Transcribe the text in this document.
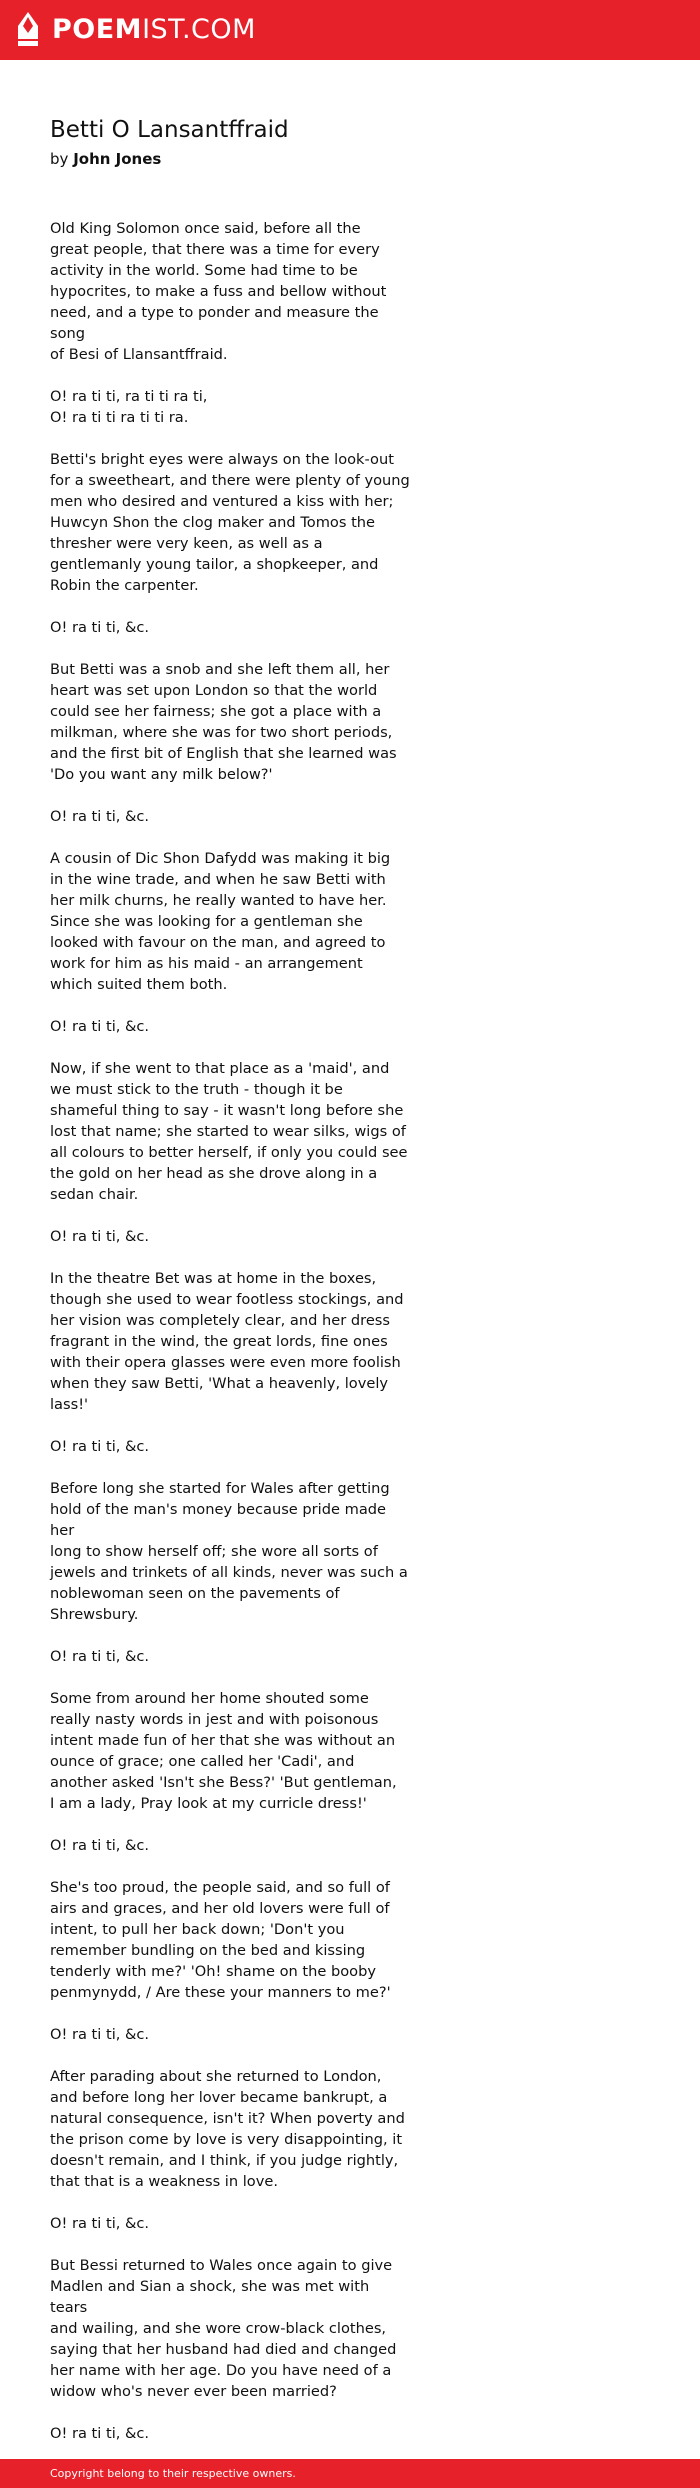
POEMIST.COM
Betti O Lansantffraid
by John Jones

Old King Solomon once said, before all the
great people, that there was a time for every
activity in the world. Some had time to be
hypocrites, to make a fuss and bellow without
need, and a type to ponder and measure the song
of Besi of Llansantffraid.

O! ra ti ti, ra ti ti ra ti,
O! ra ti ti ra ti ti ra.

Betti's bright eyes were always on the look-out
for a sweetheart, and there were plenty of young
men who desired and ventured a kiss with her;
Huwcyn Shon the clog maker and Tomos the
thresher were very keen, as well as a
gentlemanly young tailor, a shopkeeper, and
Robin the carpenter.

O! ra ti ti, &c.

But Betti was a snob and she left them all, her
heart was set upon London so that the world
could see her fairness; she got a place with a
milkman, where she was for two short periods,
and the first bit of English that she learned was
'Do you want any milk below?'

O! ra ti ti, &c.

A cousin of Dic Shon Dafydd was making it big
in the wine trade, and when he saw Betti with
her milk churns, he really wanted to have her.
Since she was looking for a gentleman she
looked with favour on the man, and agreed to
work for him as his maid - an arrangement
which suited them both.

O! ra ti ti, &c.

Now, if she went to that place as a 'maid', and
we must stick to the truth - though it be
shameful thing to say - it wasn't long before she
lost that name; she started to wear silks, wigs of
all colours to better herself, if only you could see
the gold on her head as she drove along in a
sedan chair.

O! ra ti ti, &c.

In the theatre Bet was at home in the boxes,
though she used to wear footless stockings, and
her vision was completely clear, and her dress
fragrant in the wind, the great lords, fine ones
with their opera glasses were even more foolish
when they saw Betti, 'What a heavenly, lovely
lass!'

O! ra ti ti, &c.

Before long she started for Wales after getting
hold of the man's money because pride made her
long to show herself off; she wore all sorts of
jewels and trinkets of all kinds, never was such a
noblewoman seen on the pavements of
Shrewsbury.

O! ra ti ti, &c.

Some from around her home shouted some
really nasty words in jest and with poisonous
intent made fun of her that she was without an
ounce of grace; one called her 'Cadi', and
another asked 'Isn't she Bess?' 'But gentleman,
I am a lady, Pray look at my curricle dress!'

O! ra ti ti, &c.

She's too proud, the people said, and so full of
airs and graces, and her old lovers were full of
intent, to pull her back down; 'Don't you
remember bundling on the bed and kissing
tenderly with me?' 'Oh! shame on the booby
penmynydd, / Are these your manners to me?'

O! ra ti ti, &c.

After parading about she returned to London,
and before long her lover became bankrupt, a
natural consequence, isn't it? When poverty and
the prison come by love is very disappointing, it
doesn't remain, and I think, if you judge rightly,
that that is a weakness in love.

O! ra ti ti, &c.

But Bessi returned to Wales once again to give
Madlen and Sian a shock, she was met with tears
and wailing, and she wore crow-black clothes,
saying that her husband had died and changed
her name with her age. Do you have need of a
widow who's never ever been married?

O! ra ti ti, &c.

Copyright belong to their respective owners.
